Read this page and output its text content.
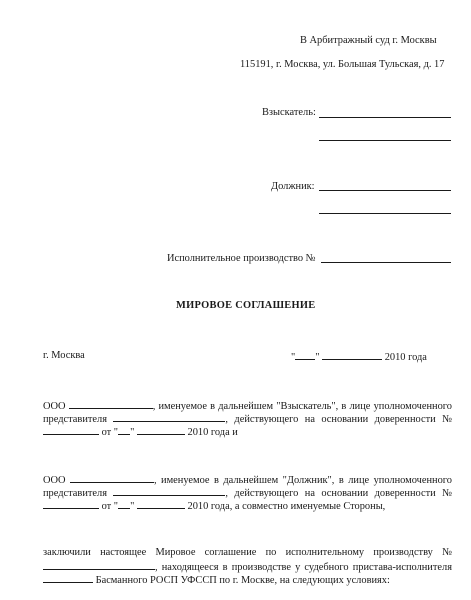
В Арбитражный суд г. Москвы
115191, г. Москва, ул. Большая Тульская, д. 17
Взыскатель:
Должник:
Исполнительное производство №
МИРОВОЕ СОГЛАШЕНИЕ
г. Москва	" "	2010 года
ООО	, именуемое в дальнейшем "Взыскатель", в лице уполномоченного
представителя	, действующего на основании доверенности №
от " "	2010 года и
ООО	, именуемое в дальнейшем "Должник", в лице уполномоченного
представителя	, действующего на основании доверенности №
от " "	2010 года, а совместно именуемые Стороны,
заключили настоящее Мировое соглашение по исполнительному производству №
, находящееся в производстве у судебного пристава-исполнителя
Басманного РОСП УФССП по г. Москве, на следующих условиях:
